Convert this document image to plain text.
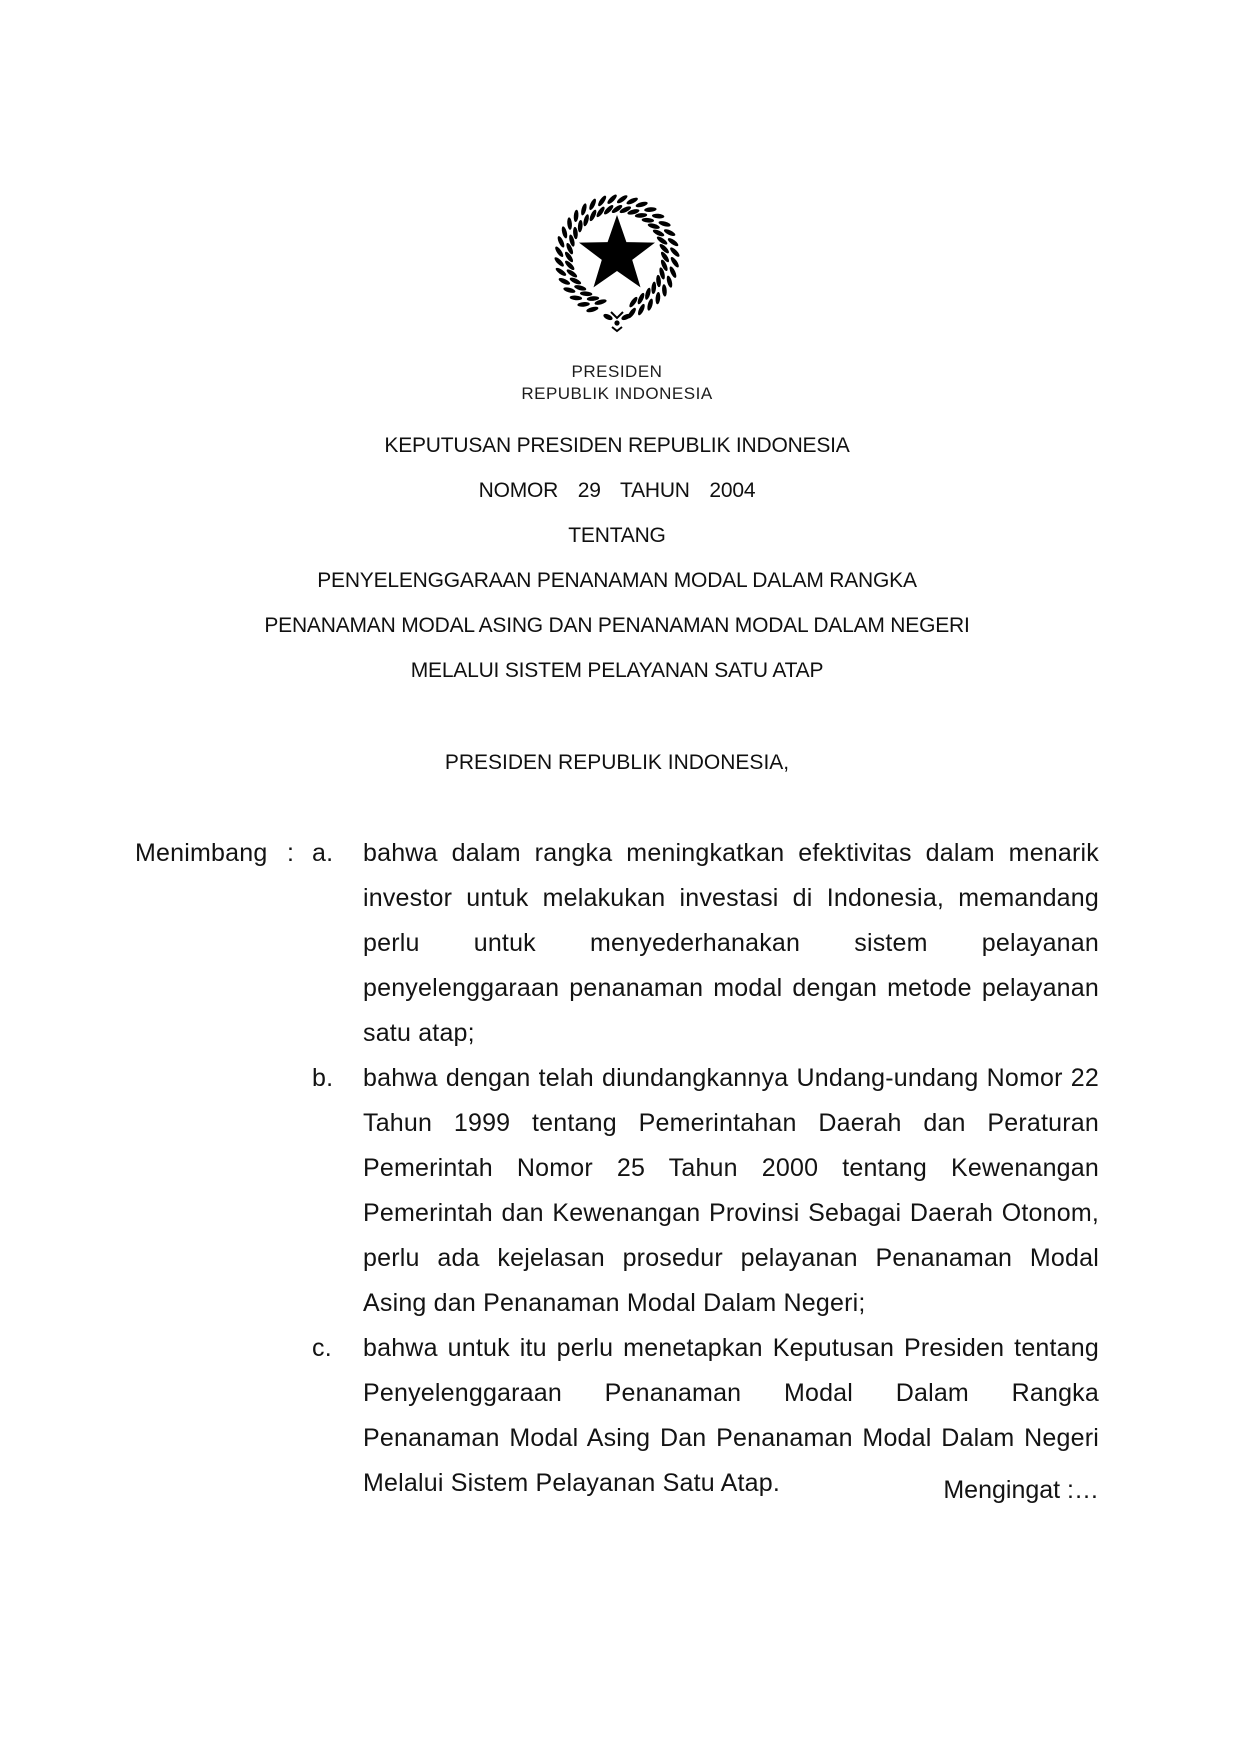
PRESIDEN
REPUBLIK INDONESIA
KEPUTUSAN PRESIDEN REPUBLIK INDONESIA
NOMOR 29 TAHUN 2004
TENTANG
PENYELENGGARAAN PENANAMAN MODAL DALAM RANGKA
PENANAMAN MODAL ASING DAN PENANAMAN MODAL DALAM NEGERI
MELALUI SISTEM PELAYANAN SATU ATAP
PRESIDEN REPUBLIK INDONESIA,
Menimbang : a.	bahwa dalam rangka meningkatkan efektivitas dalam menarik investor untuk melakukan investasi di Indonesia, memandang perlu untuk menyederhanakan sistem pelayanan penyelenggaraan penanaman modal dengan metode pelayanan satu atap;
b.	bahwa dengan telah diundangkannya Undang-undang Nomor 22 Tahun 1999 tentang Pemerintahan Daerah dan Peraturan Pemerintah Nomor 25 Tahun 2000 tentang Kewenangan Pemerintah dan Kewenangan Provinsi Sebagai Daerah Otonom, perlu ada kejelasan prosedur pelayanan Penanaman Modal Asing dan Penanaman Modal Dalam Negeri;
c.	bahwa untuk itu perlu menetapkan Keputusan Presiden tentang Penyelenggaraan Penanaman Modal Dalam Rangka Penanaman Modal Asing Dan Penanaman Modal Dalam Negeri Melalui Sistem Pelayanan Satu Atap.	Mengingat :…
